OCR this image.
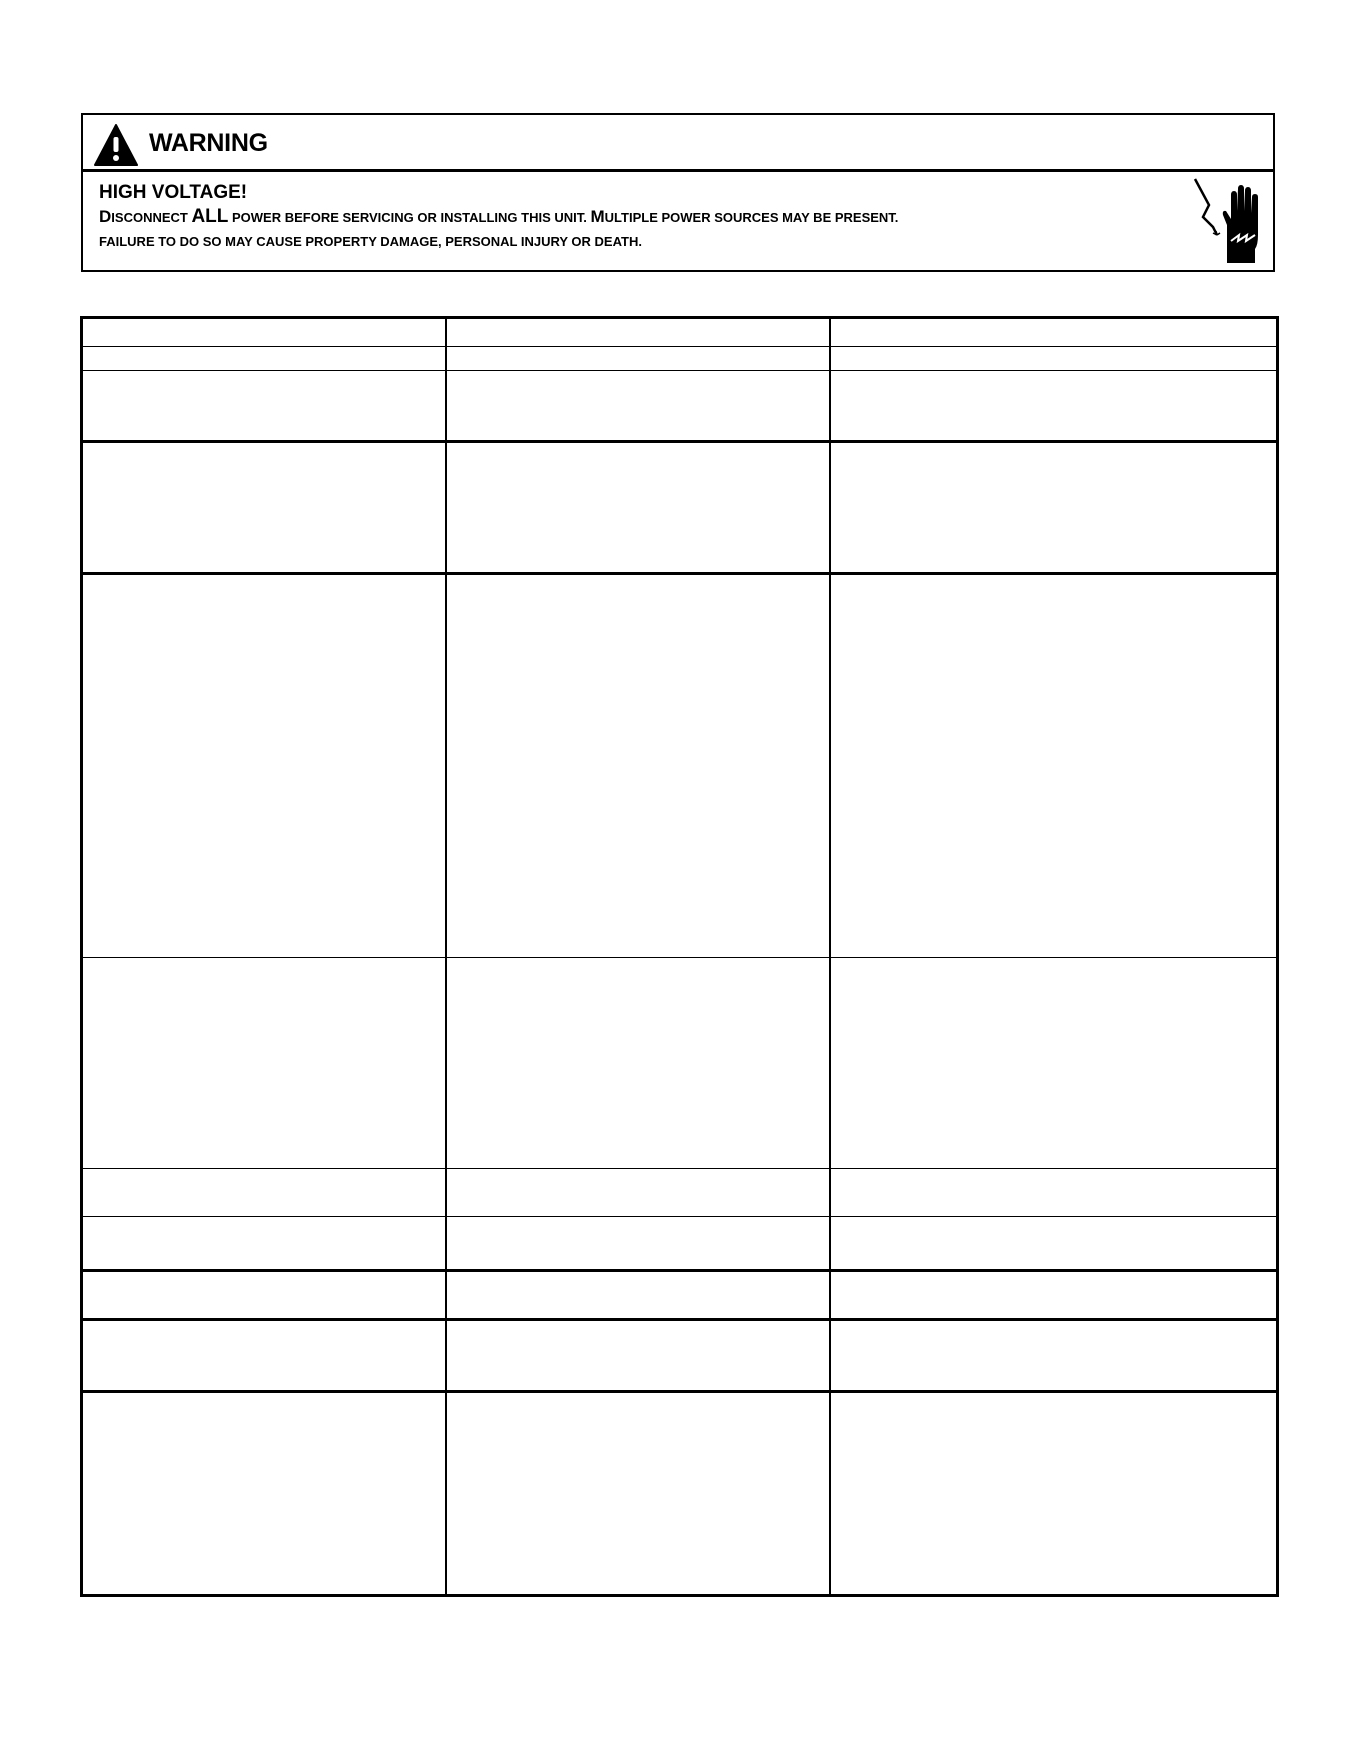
WARNING
HIGH VOLTAGE!
DISCONNECT ALL POWER BEFORE SERVICING OR INSTALLING THIS UNIT. MULTIPLE POWER SOURCES MAY BE PRESENT.
FAILURE TO DO SO MAY CAUSE PROPERTY DAMAGE, PERSONAL INJURY OR DEATH.
